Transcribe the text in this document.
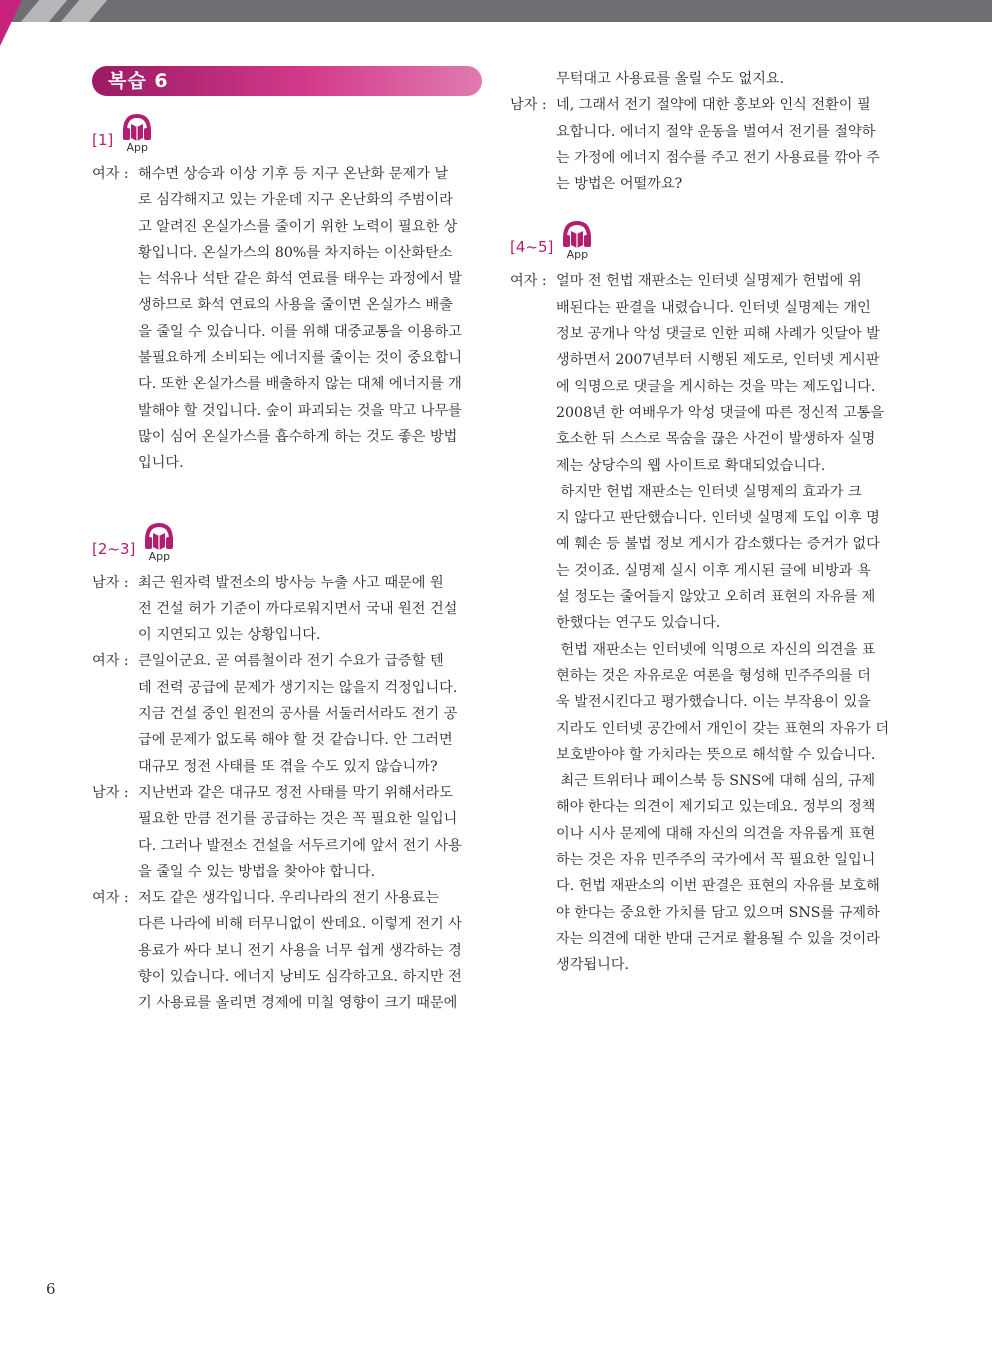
복습 6
[1]	App
여자 : 해수면 상승과 이상 기후 등 지구 온난화 문제가 날
로 심각해지고 있는 가운데 지구 온난화의 주범이라
고 알려진 온실가스를 줄이기 위한 노력이 필요한 상
황입니다. 온실가스의 80%를 차지하는 이산화탄소
는 석유나 석탄 같은 화석 연료를 태우는 과정에서 발
생하므로 화석 연료의 사용을 줄이면 온실가스 배출
을 줄일 수 있습니다. 이를 위해 대중교통을 이용하고
불필요하게 소비되는 에너지를 줄이는 것이 중요합니
다. 또한 온실가스를 배출하지 않는 대체 에너지를 개
발해야 할 것입니다. 숲이 파괴되는 것을 막고 나무를
많이 심어 온실가스를 흡수하게 하는 것도 좋은 방법
입니다.
[2~3]	App
남자 : 최근 원자력 발전소의 방사능 누출 사고 때문에 원
전 건설 허가 기준이 까다로워지면서 국내 원전 건설
이 지연되고 있는 상황입니다.
여자 : 큰일이군요. 곧 여름철이라 전기 수요가 급증할 텐
데 전력 공급에 문제가 생기지는 않을지 걱정입니다.
지금 건설 중인 원전의 공사를 서둘러서라도 전기 공
급에 문제가 없도록 해야 할 것 같습니다. 안 그러면
대규모 정전 사태를 또 겪을 수도 있지 않습니까?
남자 : 지난번과 같은 대규모 정전 사태를 막기 위해서라도
필요한 만큼 전기를 공급하는 것은 꼭 필요한 일입니
다. 그러나 발전소 건설을 서두르기에 앞서 전기 사용
을 줄일 수 있는 방법을 찾아야 합니다.
여자 : 저도 같은 생각입니다. 우리나라의 전기 사용료는
다른 나라에 비해 터무니없이 싼데요. 이렇게 전기 사
용료가 싸다 보니 전기 사용을 너무 쉽게 생각하는 경
향이 있습니다. 에너지 낭비도 심각하고요. 하지만 전
기 사용료를 올리면 경제에 미칠 영향이 크기 때문에
무턱대고 사용료를 올릴 수도 없지요.
남자 : 네, 그래서 전기 절약에 대한 홍보와 인식 전환이 필
요합니다. 에너지 절약 운동을 벌여서 전기를 절약하
는 가정에 에너지 점수를 주고 전기 사용료를 깎아 주
는 방법은 어떨까요?
[4~5]	App
여자 : 얼마 전 헌법 재판소는 인터넷 실명제가 헌법에 위
배된다는 판결을 내렸습니다. 인터넷 실명제는 개인
정보 공개나 악성 댓글로 인한 피해 사례가 잇달아 발
생하면서 2007년부터 시행된 제도로, 인터넷 게시판
에 익명으로 댓글을 게시하는 것을 막는 제도입니다.
2008년 한 여배우가 악성 댓글에 따른 정신적 고통을
호소한 뒤 스스로 목숨을 끊은 사건이 발생하자 실명
제는 상당수의 웹 사이트로 확대되었습니다.
하지만 헌법 재판소는 인터넷 실명제의 효과가 크
지 않다고 판단했습니다. 인터넷 실명제 도입 이후 명
예 훼손 등 불법 정보 게시가 감소했다는 증거가 없다
는 것이죠. 실명제 실시 이후 게시된 글에 비방과 욕
설 정도는 줄어들지 않았고 오히려 표현의 자유를 제
한했다는 연구도 있습니다.
헌법 재판소는 인터넷에 익명으로 자신의 의견을 표
현하는 것은 자유로운 여론을 형성해 민주주의를 더
욱 발전시킨다고 평가했습니다. 이는 부작용이 있을
지라도 인터넷 공간에서 개인이 갖는 표현의 자유가 더
보호받아야 할 가치라는 뜻으로 해석할 수 있습니다.
최근 트위터나 페이스북 등 SNS에 대해 심의, 규제
해야 한다는 의견이 제기되고 있는데요. 정부의 정책
이나 시사 문제에 대해 자신의 의견을 자유롭게 표현
하는 것은 자유 민주주의 국가에서 꼭 필요한 일입니
다. 헌법 재판소의 이번 판결은 표현의 자유를 보호해
야 한다는 중요한 가치를 담고 있으며 SNS를 규제하
자는 의견에 대한 반대 근거로 활용될 수 있을 것이라
생각됩니다.
6
